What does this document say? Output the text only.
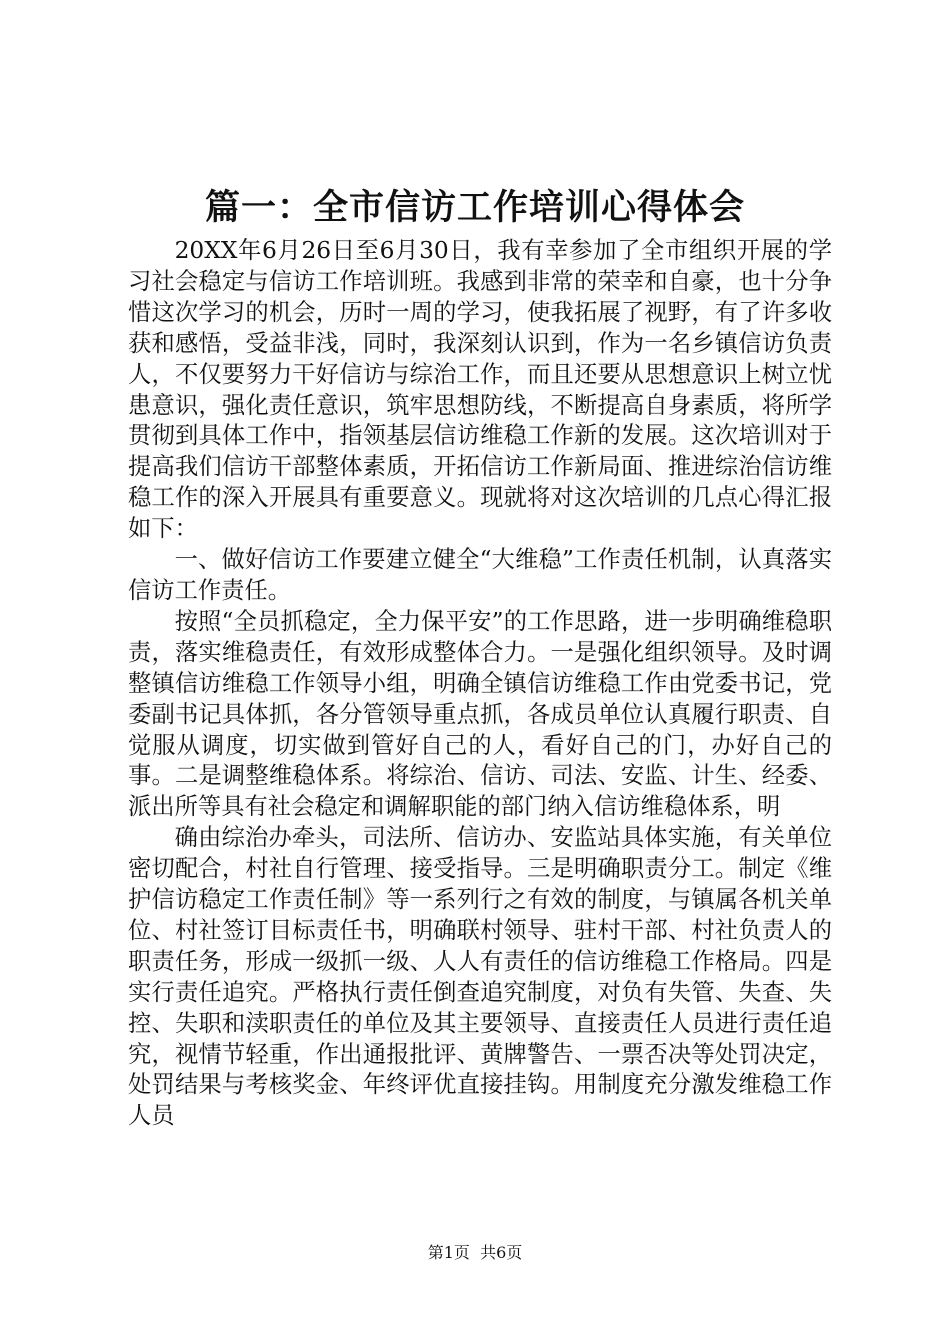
篇一：全市信访工作培训心得体会

20XX年6月26日至6月30日，我有幸参加了全市组织开展的学习社会稳定与信访工作培训班。我感到非常的荣幸和自豪，也十分争惜这次学习的机会，历时一周的学习，使我拓展了视野，有了许多收获和感悟，受益非浅，同时，我深刻认识到，作为一名乡镇信访负责人，不仅要努力干好信访与综治工作，而且还要从思想意识上树立忧患意识，强化责任意识，筑牢思想防线，不断提高自身素质，将所学贯彻到具体工作中，指领基层信访维稳工作新的发展。这次培训对于提高我们信访干部整体素质，开拓信访工作新局面、推进综治信访维稳工作的深入开展具有重要意义。现就将对这次培训的几点心得汇报如下：

一、做好信访工作要建立健全“大维稳”工作责任机制，认真落实信访工作责任。

按照“全员抓稳定，全力保平安”的工作思路，进一步明确维稳职责，落实维稳责任，有效形成整体合力。一是强化组织领导。及时调整镇信访维稳工作领导小组，明确全镇信访维稳工作由党委书记，党委副书记具体抓，各分管领导重点抓，各成员单位认真履行职责、自觉服从调度，切实做到管好自己的人，看好自己的门，办好自己的事。二是调整维稳体系。将综治、信访、司法、安监、计生、经委、派出所等具有社会稳定和调解职能的部门纳入信访维稳体系，明

确由综治办牵头，司法所、信访办、安监站具体实施，有关单位密切配合，村社自行管理、接受指导。三是明确职责分工。制定《维护信访稳定工作责任制》等一系列行之有效的制度，与镇属各机关单位、村社签订目标责任书，明确联村领导、驻村干部、村社负责人的职责任务，形成一级抓一级、人人有责任的信访维稳工作格局。四是实行责任追究。严格执行责任倒查追究制度，对负有失管、失查、失控、失职和渎职责任的单位及其主要领导、直接责任人员进行责任追究，视情节轻重，作出通报批评、黄牌警告、一票否决等处罚决定，处罚结果与考核奖金、年终评优直接挂钩。用制度充分激发维稳工作人员

第1页  共6页
